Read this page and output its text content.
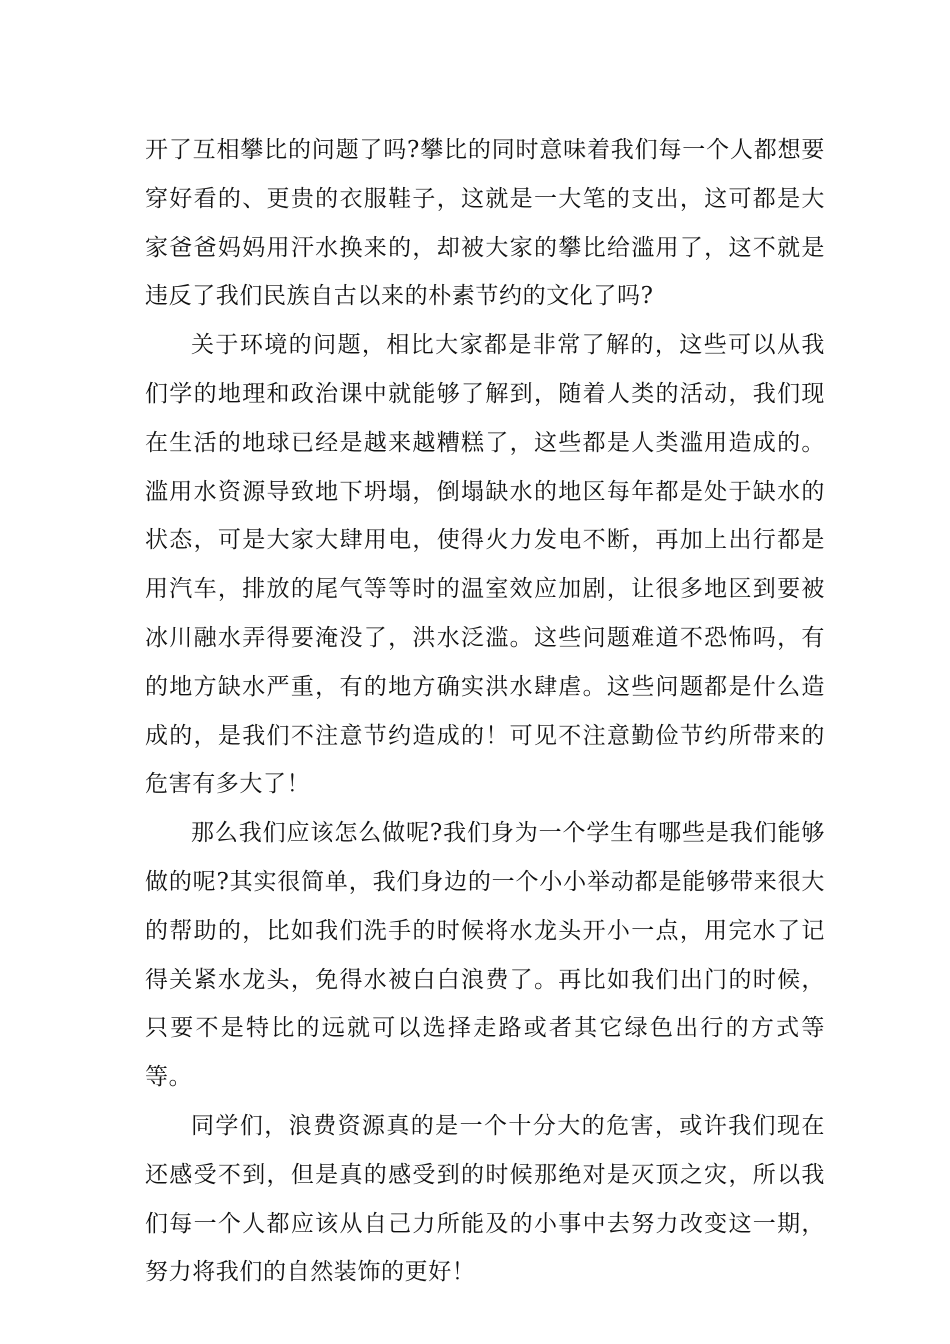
开了互相攀比的问题了吗?攀比的同时意味着我们每一个人都想要穿好看的、更贵的衣服鞋子，这就是一大笔的支出，这可都是大家爸爸妈妈用汗水换来的，却被大家的攀比给滥用了，这不就是违反了我们民族自古以来的朴素节约的文化了吗?

关于环境的问题，相比大家都是非常了解的，这些可以从我们学的地理和政治课中就能够了解到，随着人类的活动，我们现在生活的地球已经是越来越糟糕了，这些都是人类滥用造成的。滥用水资源导致地下坍塌，倒塌缺水的地区每年都是处于缺水的状态，可是大家大肆用电，使得火力发电不断，再加上出行都是用汽车，排放的尾气等等时的温室效应加剧，让很多地区到要被冰川融水弄得要淹没了，洪水泛滥。这些问题难道不恐怖吗，有的地方缺水严重，有的地方确实洪水肆虐。这些问题都是什么造成的，是我们不注意节约造成的！可见不注意勤俭节约所带来的危害有多大了！

那么我们应该怎么做呢?我们身为一个学生有哪些是我们能够做的呢?其实很简单，我们身边的一个小小举动都是能够带来很大的帮助的，比如我们洗手的时候将水龙头开小一点，用完水了记得关紧水龙头，免得水被白白浪费了。再比如我们出门的时候，只要不是特比的远就可以选择走路或者其它绿色出行的方式等等。

同学们，浪费资源真的是一个十分大的危害，或许我们现在还感受不到，但是真的感受到的时候那绝对是灭顶之灾，所以我们每一个人都应该从自己力所能及的小事中去努力改变这一期，努力将我们的自然装饰的更好！
